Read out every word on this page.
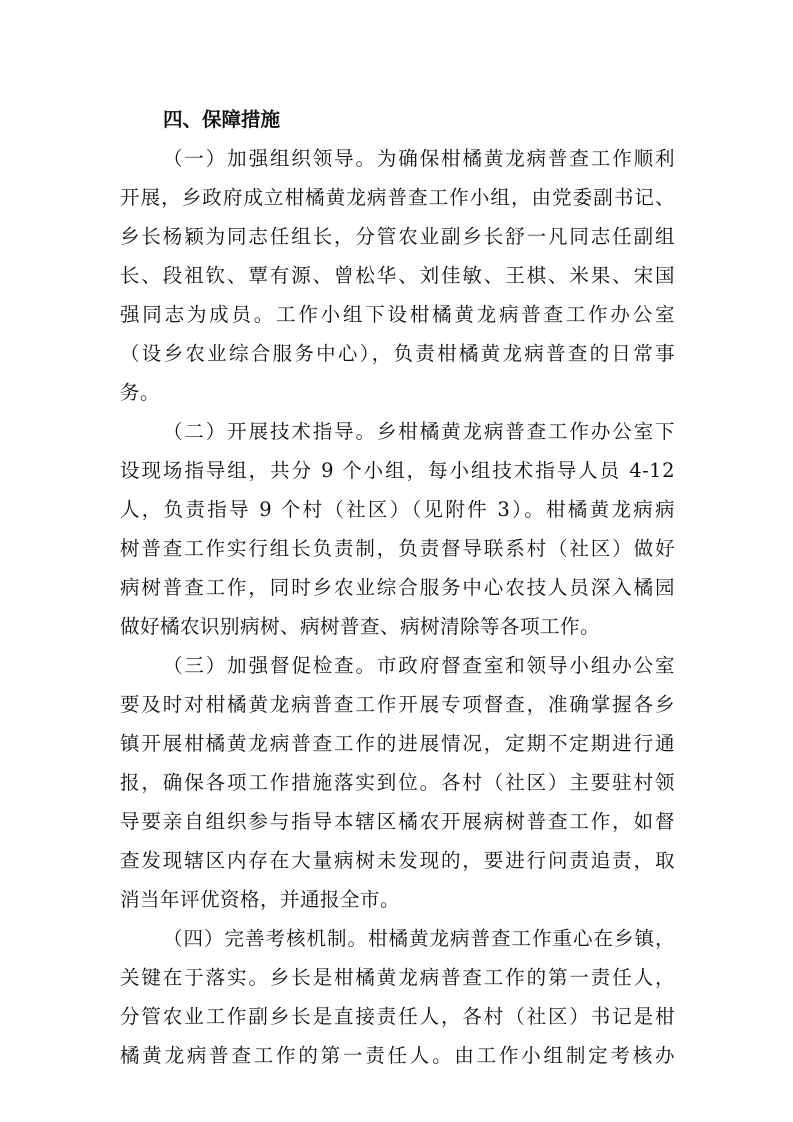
四、保障措施

（一）加强组织领导。为确保柑橘黄龙病普查工作顺利

开展，乡政府成立柑橘黄龙病普查工作小组，由党委副书记、

乡长杨颖为同志任组长，分管农业副乡长舒一凡同志任副组

长、段祖钦、覃有源、曾松华、刘佳敏、王棋、米果、宋国

强同志为成员。工作小组下设柑橘黄龙病普查工作办公室

（设乡农业综合服务中心），负责柑橘黄龙病普查的日常事

务。

（二）开展技术指导。乡柑橘黄龙病普查工作办公室下

设现场指导组，共分 9 个小组，每小组技术指导人员 4-12

人，负责指导 9 个村（社区）（见附件 3）。柑橘黄龙病病

树普查工作实行组长负责制，负责督导联系村（社区）做好

病树普查工作，同时乡农业综合服务中心农技人员深入橘园

做好橘农识别病树、病树普查、病树清除等各项工作。

（三）加强督促检查。市政府督查室和领导小组办公室

要及时对柑橘黄龙病普查工作开展专项督查，准确掌握各乡

镇开展柑橘黄龙病普查工作的进展情况，定期不定期进行通

报，确保各项工作措施落实到位。各村（社区）主要驻村领

导要亲自组织参与指导本辖区橘农开展病树普查工作，如督

查发现辖区内存在大量病树未发现的，要进行问责追责，取

消当年评优资格，并通报全市。

（四）完善考核机制。柑橘黄龙病普查工作重心在乡镇，

关键在于落实。乡长是柑橘黄龙病普查工作的第一责任人，

分管农业工作副乡长是直接责任人，各村（社区）书记是柑

橘黄龙病普查工作的第一责任人。由工作小组制定考核办
